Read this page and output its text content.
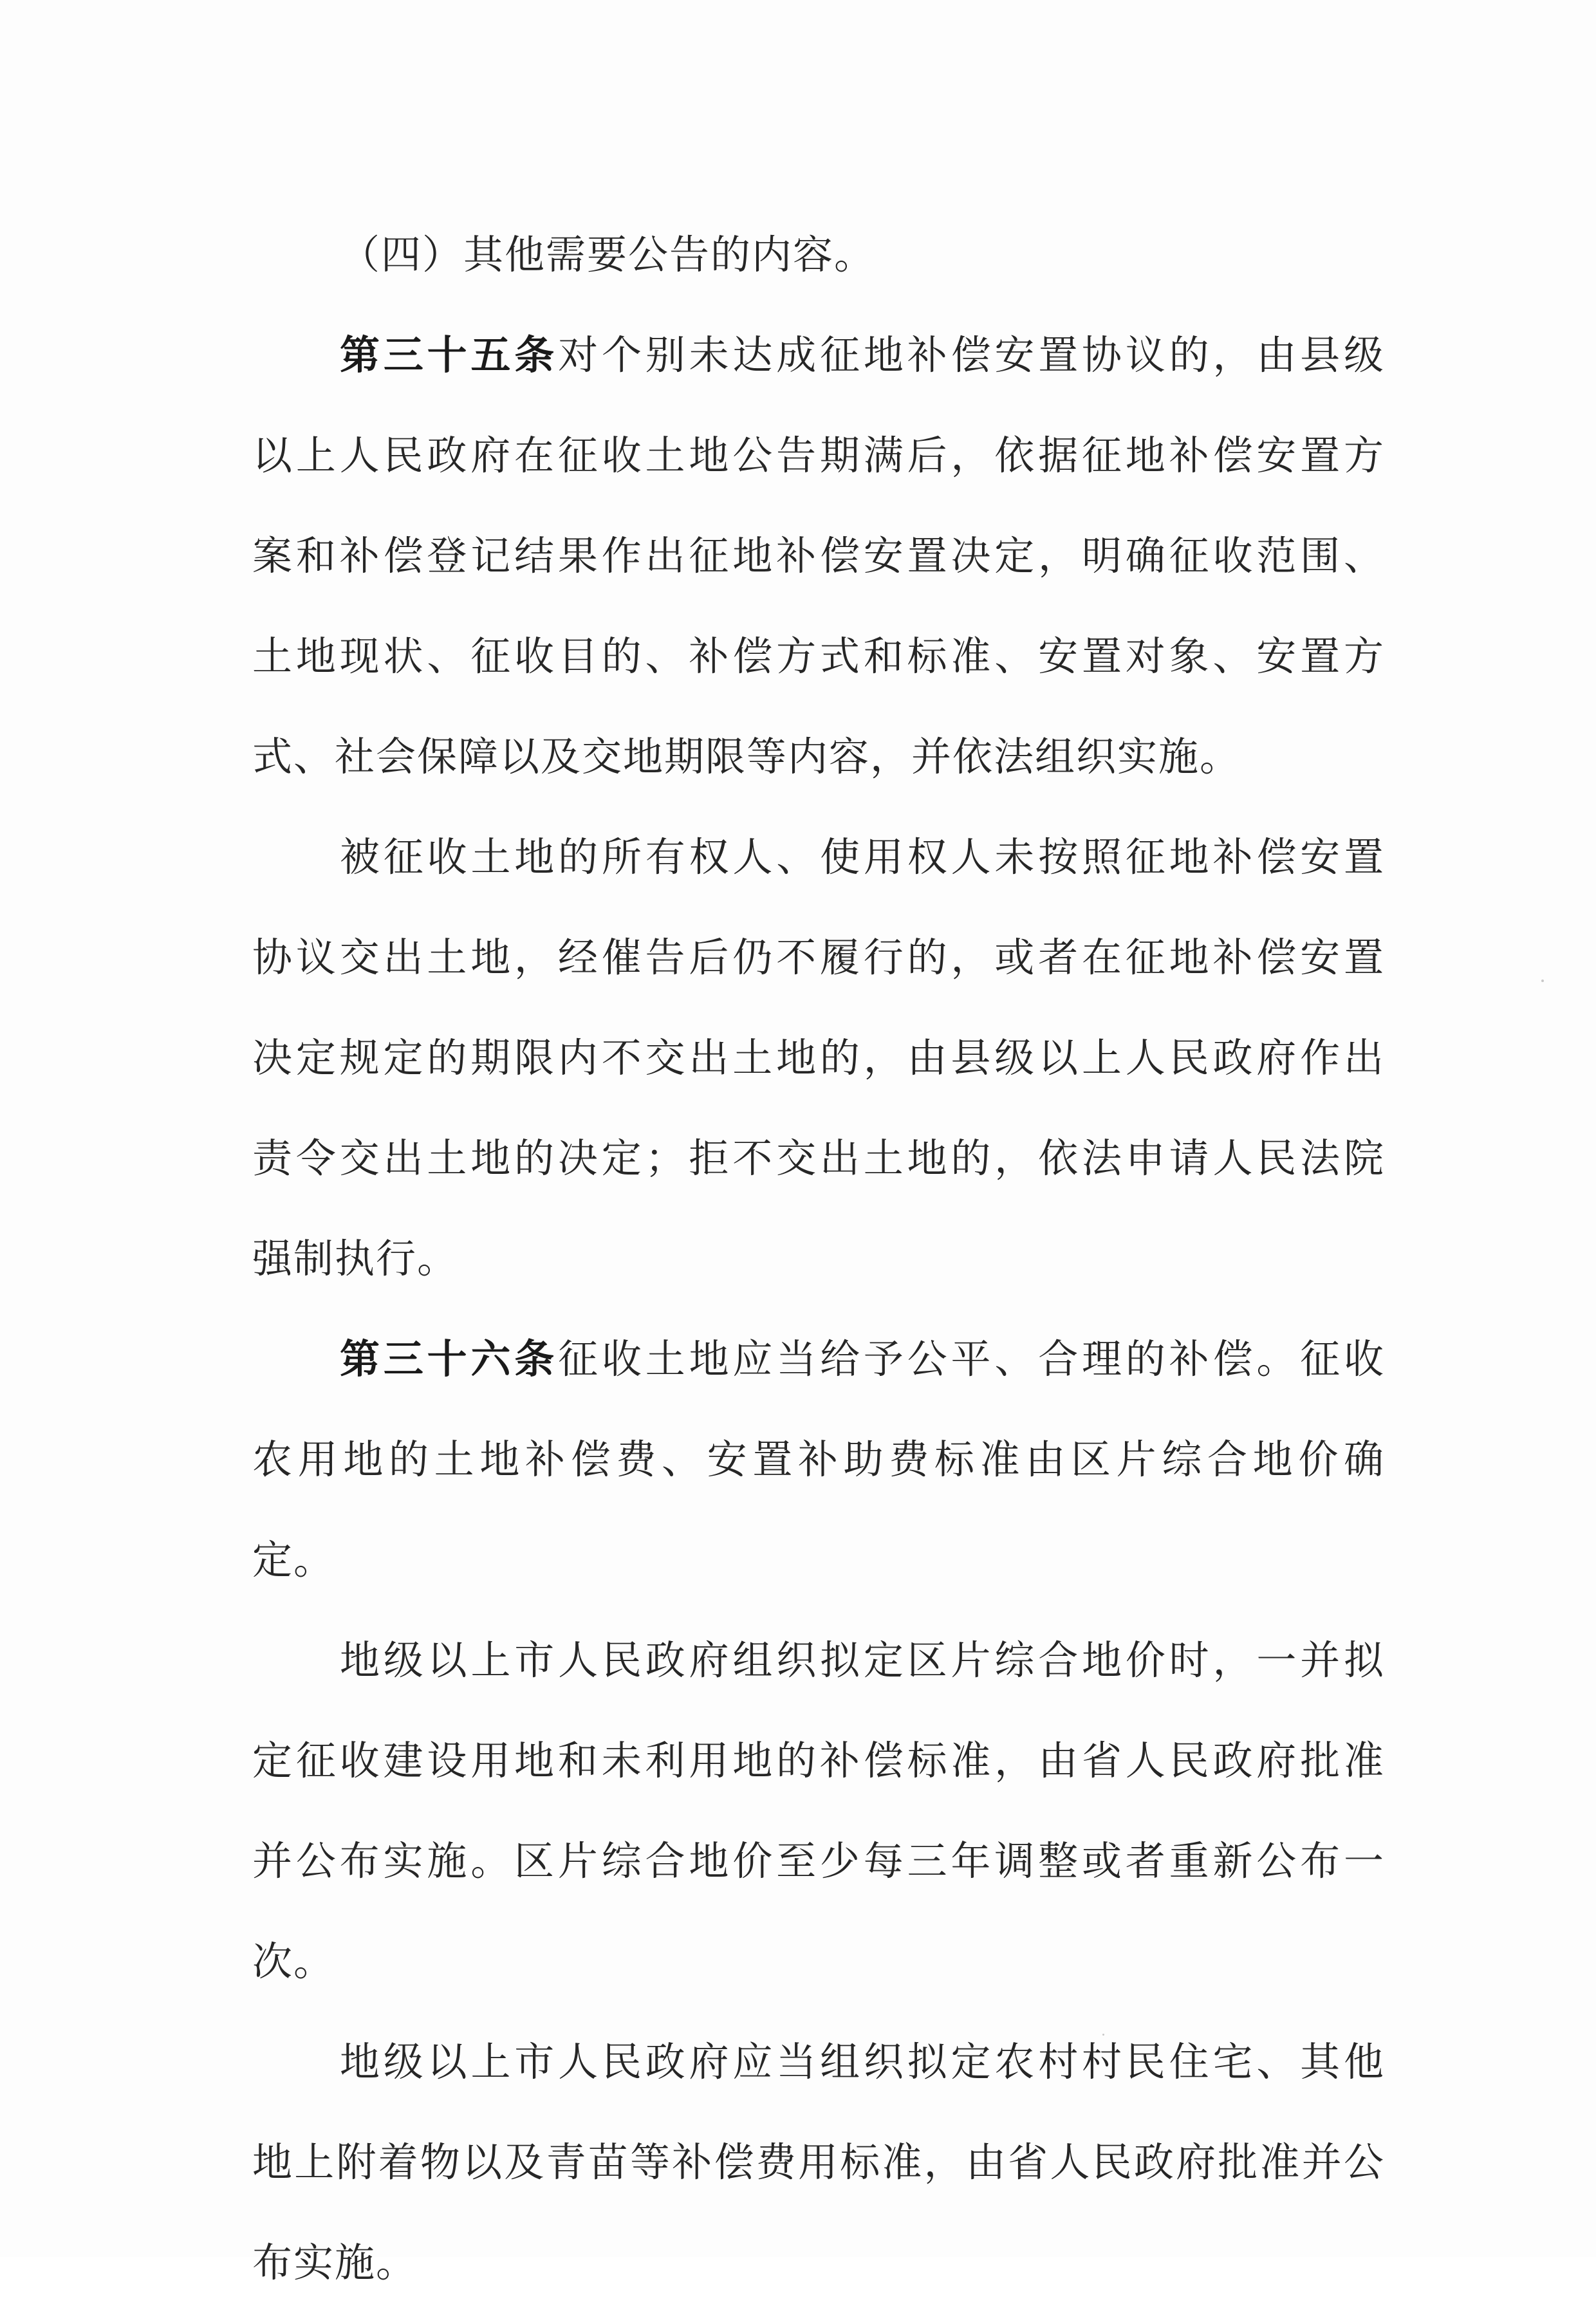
（四）其他需要公告的内容。
第三十五条对个别未达成征地补偿安置协议的，由县级
以上人民政府在征收土地公告期满后，依据征地补偿安置方
案和补偿登记结果作出征地补偿安置决定，明确征收范围、
土地现状、征收目的、补偿方式和标准、安置对象、安置方
式、社会保障以及交地期限等内容，并依法组织实施。
被征收土地的所有权人、使用权人未按照征地补偿安置
协议交出土地，经催告后仍不履行的，或者在征地补偿安置
决定规定的期限内不交出土地的，由县级以上人民政府作出
责令交出土地的决定；拒不交出土地的，依法申请人民法院
强制执行。
第三十六条征收土地应当给予公平、合理的补偿。征收
农用地的土地补偿费、安置补助费标准由区片综合地价确
定。
地级以上市人民政府组织拟定区片综合地价时，一并拟
定征收建设用地和未利用地的补偿标准，由省人民政府批准
并公布实施。区片综合地价至少每三年调整或者重新公布一
次。
地级以上市人民政府应当组织拟定农村村民住宅、其他
地上附着物以及青苗等补偿费用标准，由省人民政府批准并公
布实施。
